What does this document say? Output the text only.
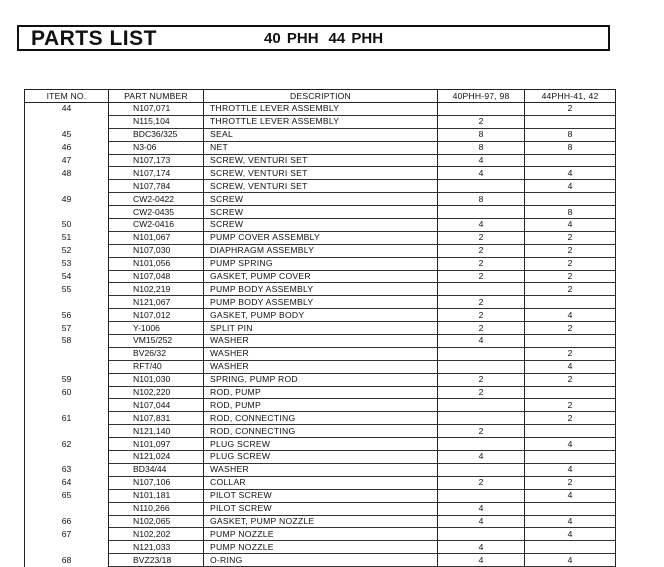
PARTS LIST	40 PHH 44 PHH
ITEM NO.	PART NUMBER	DESCRIPTION	40PHH-97, 98	44PHH-41, 42
44	N107,071	THROTTLE LEVER ASSEMBLY		2
	N115,104	THROTTLE LEVER ASSEMBLY	2	
45	BDC36/325	SEAL	8	8
46	N3-06	NET	8	8
47	N107,173	SCREW, VENTURI SET	4	
48	N107,174	SCREW, VENTURI SET	4	4
	N107,784	SCREW, VENTURI SET		4
49	CW2-0422	SCREW	8	
	CW2-0435	SCREW		8
50	CW2-0416	SCREW	4	4
51	N101,067	PUMP COVER ASSEMBLY	2	2
52	N107,030	DIAPHRAGM ASSEMBLY	2	2
53	N101,056	PUMP SPRING	2	2
54	N107,048	GASKET, PUMP COVER	2	2
55	N102,219	PUMP BODY ASSEMBLY		2
	N121,067	PUMP BODY ASSEMBLY	2	
56	N107,012	GASKET, PUMP BODY	2	4
57	Y-1006	SPLIT PIN	2	2
58	VM15/252	WASHER	4	
	BV26/32	WASHER		2
	RFT/40	WASHER		4
59	N101,030	SPRING, PUMP ROD	2	2
60	N102,220	ROD, PUMP	2	
	N107,044	ROD, PUMP		2
61	N107,831	ROD, CONNECTING		2
	N121,140	ROD, CONNECTING	2	
62	N101,097	PLUG SCREW		4
	N121,024	PLUG SCREW	4	
63	BD34/44	WASHER		4
64	N107,106	COLLAR	2	2
65	N101,181	PILOT SCREW		4
	N110,266	PILOT SCREW	4	
66	N102,065	GASKET, PUMP NOZZLE	4	4
67	N102,202	PUMP NOZZLE		4
	N121,033	PUMP NOZZLE	4	
68	BVZ23/18	O-RING	4	4
